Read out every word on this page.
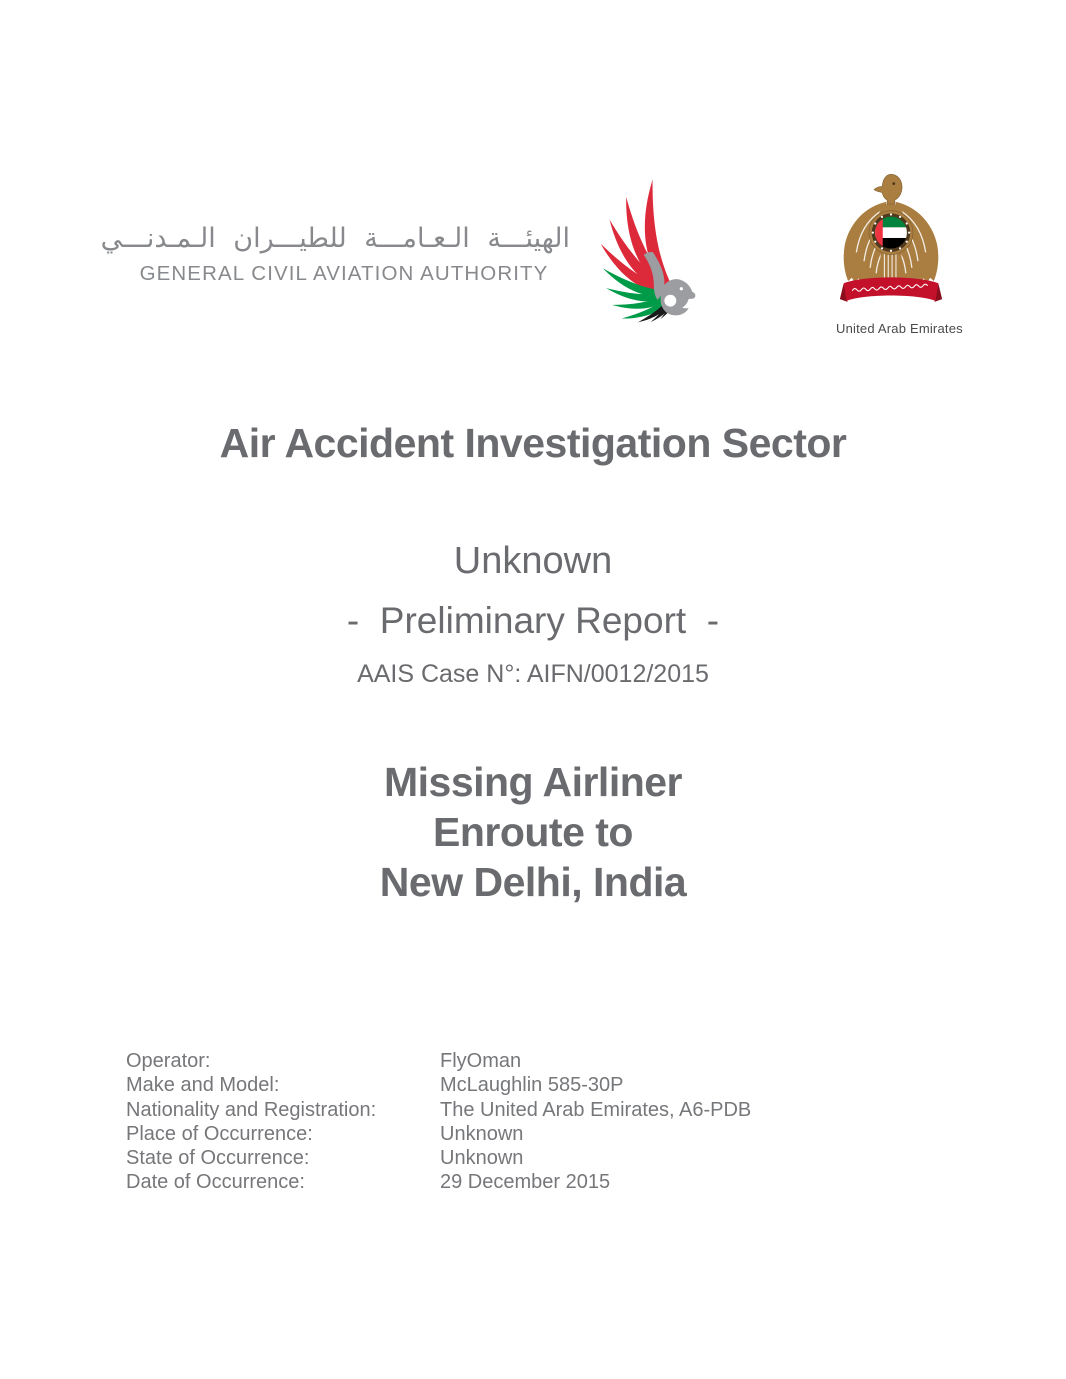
الهيئـــة الـعـامـــة للطيـــران الـمـدنـــي
GENERAL CIVIL AVIATION AUTHORITY
United Arab Emirates
Air Accident Investigation Sector
Unknown
-  Preliminary Report  -
AAIS Case N°: AIFN/0012/2015
Missing Airliner
Enroute to
New Delhi, India
Operator:	FlyOman
Make and Model:	McLaughlin 585-30P
Nationality and Registration:	The United Arab Emirates, A6-PDB
Place of Occurrence:	Unknown
State of Occurrence:	Unknown
Date of Occurrence:	29 December 2015
